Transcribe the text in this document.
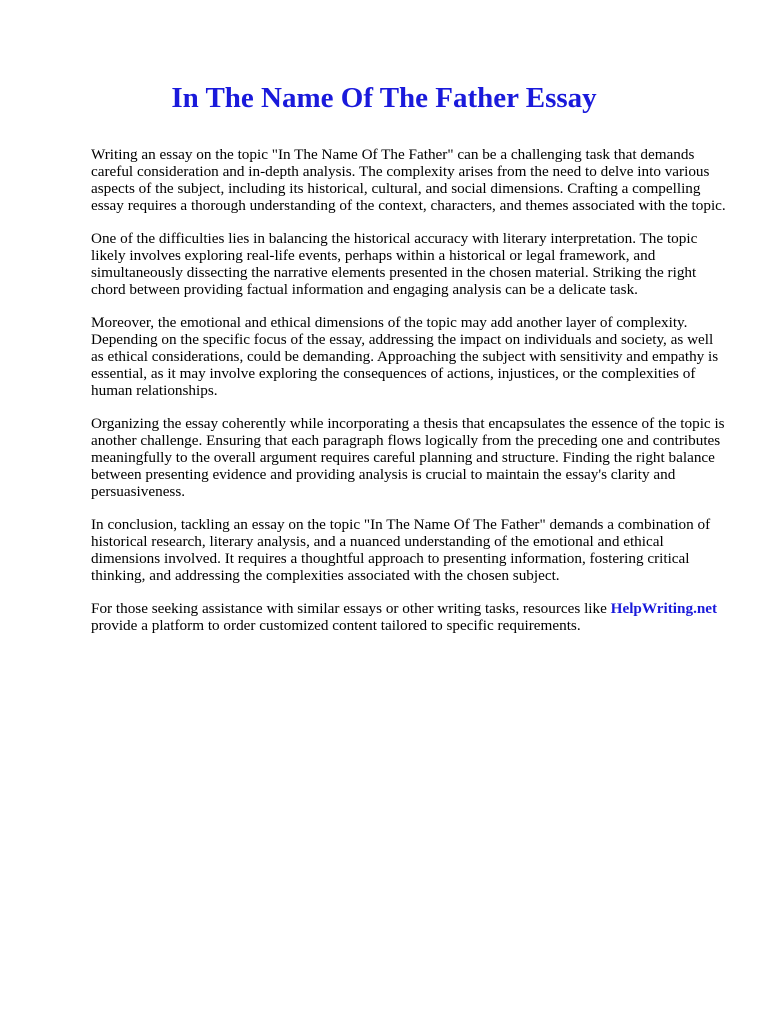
In The Name Of The Father Essay

Writing an essay on the topic "In The Name Of The Father" can be a challenging task that demands careful consideration and in-depth analysis. The complexity arises from the need to delve into various aspects of the subject, including its historical, cultural, and social dimensions. Crafting a compelling essay requires a thorough understanding of the context, characters, and themes associated with the topic.

One of the difficulties lies in balancing the historical accuracy with literary interpretation. The topic likely involves exploring real-life events, perhaps within a historical or legal framework, and simultaneously dissecting the narrative elements presented in the chosen material. Striking the right chord between providing factual information and engaging analysis can be a delicate task.

Moreover, the emotional and ethical dimensions of the topic may add another layer of complexity. Depending on the specific focus of the essay, addressing the impact on individuals and society, as well as ethical considerations, could be demanding. Approaching the subject with sensitivity and empathy is essential, as it may involve exploring the consequences of actions, injustices, or the complexities of human relationships.

Organizing the essay coherently while incorporating a thesis that encapsulates the essence of the topic is another challenge. Ensuring that each paragraph flows logically from the preceding one and contributes meaningfully to the overall argument requires careful planning and structure. Finding the right balance between presenting evidence and providing analysis is crucial to maintain the essay's clarity and persuasiveness.

In conclusion, tackling an essay on the topic "In The Name Of The Father" demands a combination of historical research, literary analysis, and a nuanced understanding of the emotional and ethical dimensions involved. It requires a thoughtful approach to presenting information, fostering critical thinking, and addressing the complexities associated with the chosen subject.

For those seeking assistance with similar essays or other writing tasks, resources like HelpWriting.net provide a platform to order customized content tailored to specific requirements.
